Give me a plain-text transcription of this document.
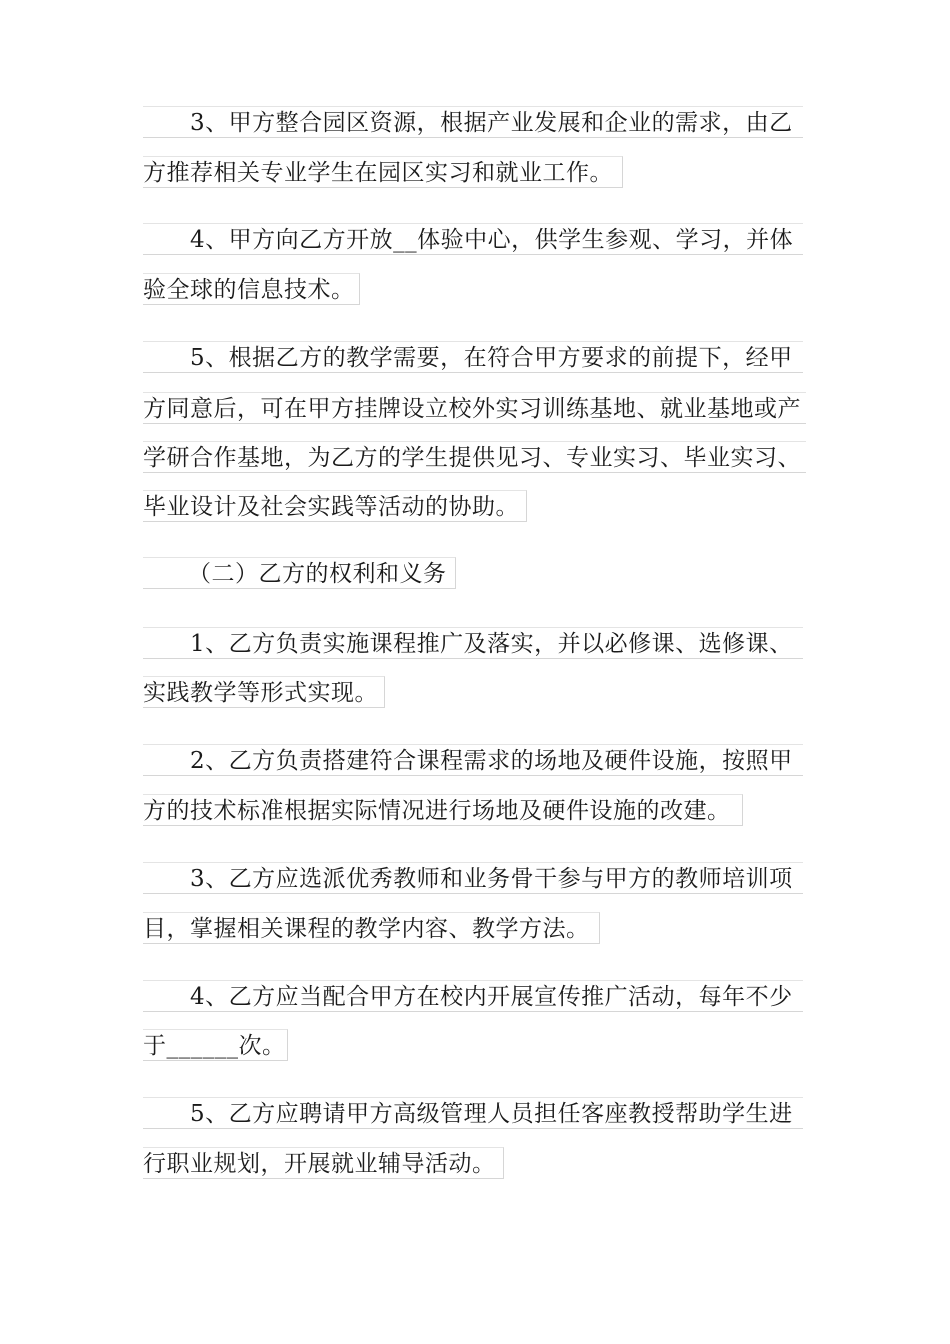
3、甲方整合园区资源，根据产业发展和企业的需求，由乙
方推荐相关专业学生在园区实习和就业工作。
4、甲方向乙方开放__体验中心，供学生参观、学习，并体
验全球的信息技术。
5、根据乙方的教学需要，在符合甲方要求的前提下，经甲
方同意后，可在甲方挂牌设立校外实习训练基地、就业基地或产
学研合作基地，为乙方的学生提供见习、专业实习、毕业实习、
毕业设计及社会实践等活动的协助。
（二）乙方的权利和义务
1、乙方负责实施课程推广及落实，并以必修课、选修课、
实践教学等形式实现。
2、乙方负责搭建符合课程需求的场地及硬件设施，按照甲
方的技术标准根据实际情况进行场地及硬件设施的改建。
3、乙方应选派优秀教师和业务骨干参与甲方的教师培训项
目，掌握相关课程的教学内容、教学方法。
4、乙方应当配合甲方在校内开展宣传推广活动，每年不少
于______次。
5、乙方应聘请甲方高级管理人员担任客座教授帮助学生进
行职业规划，开展就业辅导活动。
